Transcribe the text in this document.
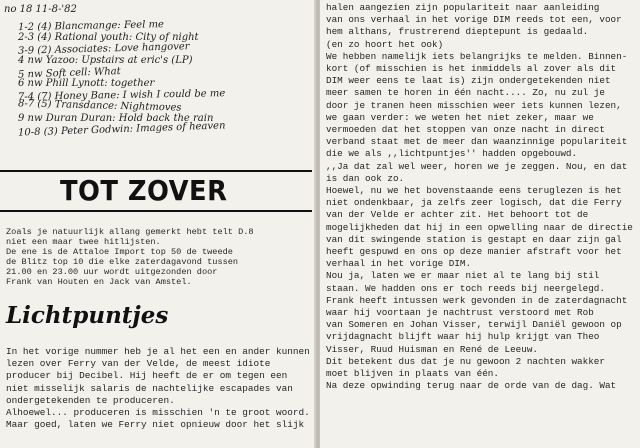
no 18 11-8-'82
1-2 (4) Blancmange: Feel me
2-3 (4) Rational youth: City of night
3-9 (2) Associates: Love hangover
4 nw Yazoo: Upstairs at eric's (LP)
5 nw Soft cell: What
6 nw Phill Lynott: together
7-4 (7) Honey Bane: I wish I could be me
8-7 (5) Transdance: Nightmoves
9 nw Duran Duran: Hold back the rain
10-8 (3) Peter Godwin: Images of heaven
TOT ZOVER

Zoals je natuurlijk allang gemerkt hebt telt D.8

niet een maar twee hitlijsten.

De ene is de Attaloe Import top 50 de tweede

de Blitz top 10 die elke zaterdagavond tussen

21.00 en 23.00 uur wordt uitgezonden door

Frank van Houten en Jack van Amstel.

Lichtpuntjes

In het vorige nummer heb je al het een en ander kunnen

lezen over Ferry van der Velde, de meest idiote

producer bij Decibel. Hij heeft de er om tegen een

niet misselijk salaris de nachtelijke escapades van

ondergetekenden te produceren.

Alhoewel... produceren is misschien 'n te groot woord.

Maar goed, laten we Ferry niet opnieuw door het slijk

halen aangezien zijn populariteit naar aanleiding

van ons verhaal in het vorige DIM reeds tot een, voor

hem althans, frustrerend dieptepunt is gedaald.

(en zo hoort het ook)

We hebben namelijk iets belangrijks te melden. Binnen-

kort (of misschien is het inmiddels al zover als dit

DIM weer eens te laat is) zijn ondergetekenden niet

meer samen te horen in één nacht.... Zo, nu zul je

door je tranen heen misschien weer iets kunnen lezen,

we gaan verder: we weten het niet zeker, maar we

vermoeden dat het stoppen van onze nacht in direct

verband staat met de meer dan waanzinnige populariteit

die we als ,,lichtpuntjes'' hadden opgebouwd.

,,Ja dat zal wel weer, horen we je zeggen. Nou, en dat

is dan ook zo.

Hoewel, nu we het bovenstaande eens teruglezen is het

niet ondenkbaar, ja zelfs zeer logisch, dat die Ferry

van der Velde er achter zit. Het behoort tot de

mogelijkheden dat hij in een opwelling naar de directie

van dit swingende station is gestapt en daar zijn gal

heeft gespuwd en ons op deze manier afstraft voor het

verhaal in het vorige DIM.

Nou ja, laten we er maar niet al te lang bij stil

staan. We hadden ons er toch reeds bij neergelegd.

Frank heeft intussen werk gevonden in de zaterdagnacht

waar hij voortaan je nachtrust verstoord met Rob

van Someren en Johan Visser, terwijl Daniël gewoon op

vrijdagnacht blijft waar hij hulp krijgt van Theo

Visser, Ruud Huisman en René de Leeuw.

Dit betekent dus dat je nu gewoon 2 nachten wakker

moet blijven in plaats van één.

Na deze opwinding terug naar de orde van de dag. Wat
